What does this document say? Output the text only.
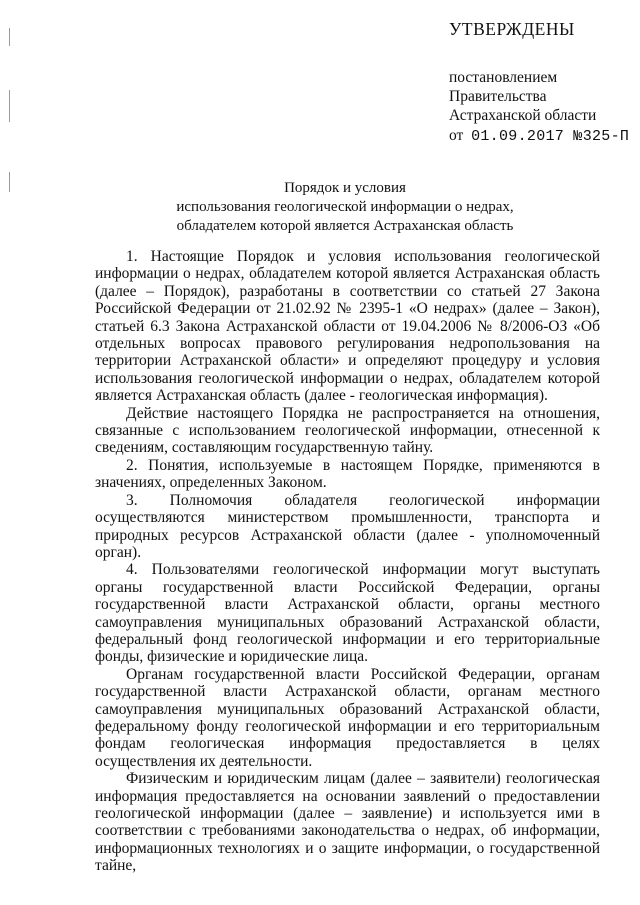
УТВЕРЖДЕНЫ
постановлением
Правительства
Астраханской области
от 01.09.2017 №325-П
Порядок и условия
использования геологической информации о недрах,
обладателем которой является Астраханская область

1. Настоящие Порядок и условия использования геологической информации о недрах, обладателем которой является Астраханская область (далее – Порядок), разработаны в соответствии со статьей 27 Закона Российской Федерации от 21.02.92 № 2395-1 «О недрах» (далее – Закон), статьей 6.3 Закона Астраханской области от 19.04.2006 № 8/2006-ОЗ «Об отдельных вопросах правового регулирования недропользования на территории Астраханской области» и определяют процедуру и условия использования геологической информации о недрах, обладателем которой является Астраханская область (далее - геологическая информация).

Действие настоящего Порядка не распространяется на отношения, связанные с использованием геологической информации, отнесенной к сведениям, составляющим государственную тайну.

2. Понятия, используемые в настоящем Порядке, применяются в значениях, определенных Законом.

3. Полномочия обладателя геологической информации осуществляются министерством промышленности, транспорта и природных ресурсов Астраханской области (далее - уполномоченный орган).

4. Пользователями геологической информации могут выступать органы государственной власти Российской Федерации, органы государственной власти Астраханской области, органы местного самоуправления муниципальных образований Астраханской области, федеральный фонд геологической информации и его территориальные фонды, физические и юридические лица.

Органам государственной власти Российской Федерации, органам государственной власти Астраханской области, органам местного самоуправления муниципальных образований Астраханской области, федеральному фонду геологической информации и его территориальным фондам геологическая информация предоставляется в целях осуществления их деятельности.

Физическим и юридическим лицам (далее – заявители) геологическая информация предоставляется на основании заявлений о предоставлении геологической информации (далее – заявление) и используется ими в соответствии с требованиями законодательства о недрах, об информации, информационных технологиях и о защите информации, о государственной тайне,
